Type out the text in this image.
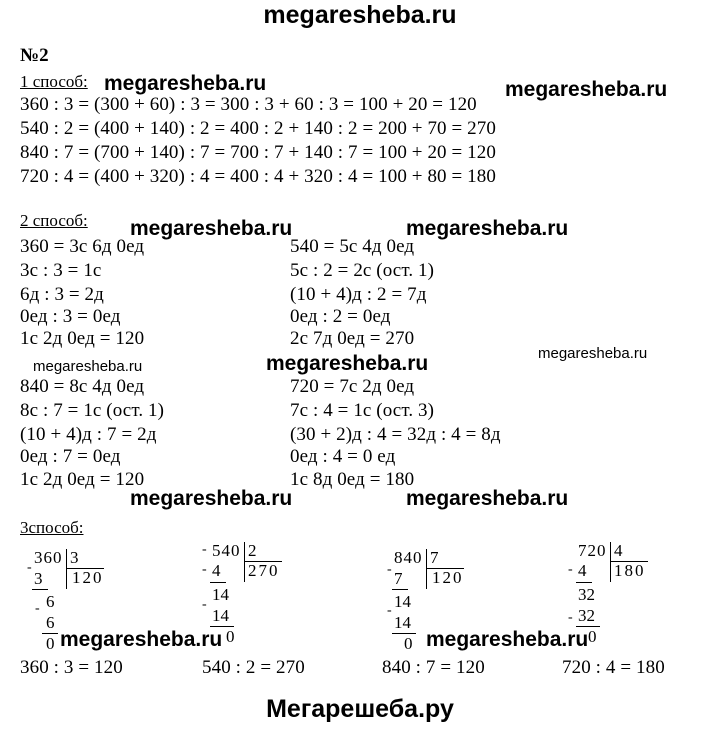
megaresheba.ru
№2
1 способ: megaresheba.ru	megaresheba.ru
360 : 3 = (300 + 60) : 3 = 300 : 3 + 60 : 3 = 100 + 20 = 120
540 : 2 = (400 + 140) : 2 = 400 : 2 + 140 : 2 = 200 + 70 = 270
840 : 7 = (700 + 140) : 7 = 700 : 7 + 140 : 7 = 100 + 20 = 120
720 : 4 = (400 + 320) : 4 = 400 : 4 + 320 : 4 = 100 + 80 = 180
2 способ: megaresheba.ru	megaresheba.ru
360 = 3с 6д 0ед
3с : 3 = 1с
6д : 3 = 2д
0ед : 3 = 0ед
1с 2д 0ед = 120
540 = 5с 4д 0ед
5с : 2 = 2с (ост. 1)
(10 + 4)д : 2 = 7д
0ед : 2 = 0ед
2с 7д 0ед = 270
megaresheba.ru	megaresheba.ru	megaresheba.ru
840 = 8с 4д 0ед
8с : 7 = 1с (ост. 1)
(10 + 4)д : 7 = 2д
0ед : 7 = 0ед
1с 2д 0ед = 120
720 = 7с 2д 0ед
7с : 4 = 1с (ост. 3)
(30 + 2)д : 4 = 32д : 4 = 8д
0ед : 4 = 0 ед
1с 8д 0ед = 180
megaresheba.ru	megaresheba.ru
3способ:
360 3
120
-
3
- 6
6
0
360 : 3 = 120
- 540 2
270
- 4
-
14
14
0
540 : 2 = 270
840 7
120
- 7
- 14
14
0
840 : 7 = 120
720 4
180
- 4
-
32
32
0
720 : 4 = 180
megaresheba.ru	megaresheba.ru
Мегарешеба.ру
